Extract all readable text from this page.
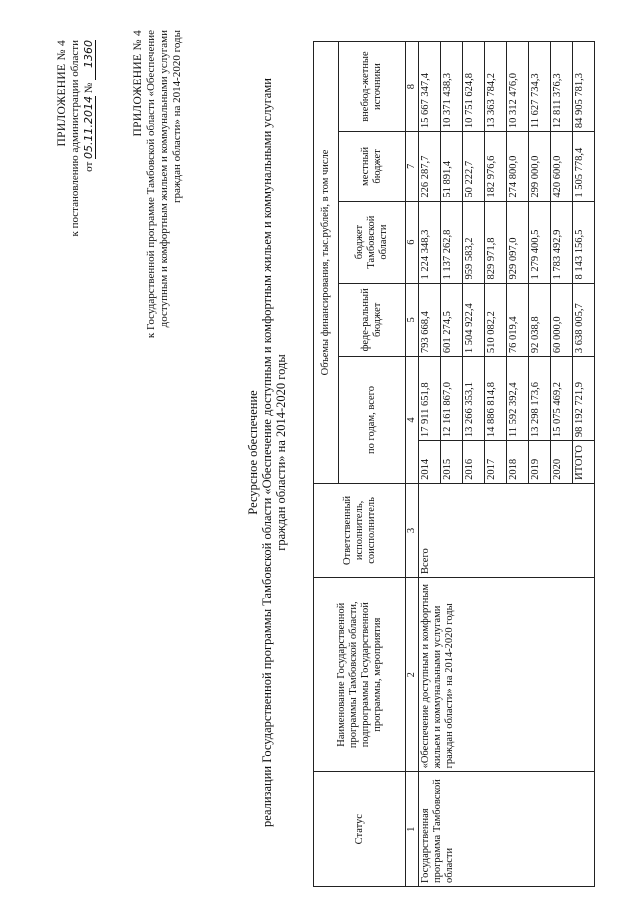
ПРИЛОЖЕНИЕ № 4 к постановлению администрации области от 05.11.2014 № 1360	ПРИЛОЖЕНИЕ № 4 к Государственной программе Тамбовской области «Обеспечение доступным и комфортным жильем и коммунальными услугами граждан области» на 2014-2020 годы
Ресурсное обеспечение реализации Государственной программы Тамбовской области «Обеспечение доступным и комфортным жильем и коммунальными услугами граждан области» на 2014-2020 годы
Статус	Наименование Государственной программы Тамбовской области, подпрограммы Государственной программы, мероприятия	Ответственный исполнитель, соисполнитель	Объемы финансирования, тыс.рублей, в том числе					
			по годам, всего		феде-ральный бюджет	бюджет Тамбовской области	местный бюджет	внебюд-жетные источники
1	2	3	4		5	6	7	8
Государственная программа Тамбовской области	«Обеспечение доступным и комфортным жильем и коммунальными услугами граждан области» на 2014-2020 годы	Всего	2014	17 911 651,8	793 668,4	1 224 348,3	226 287,7	15 667 347,4
			2015	12 161 867,0	601 274,5	1 137 262,8	51 891,4	10 371 438,3
			2016	13 266 353,1	1 504 922,4	959 583,2	50 222,7	10 751 624,8
			2017	14 886 814,8	510 082,2	829 971,8	182 976,6	13 363 784,2
			2018	11 592 392,4	76 019,4	929 097,0	274 800,0	10 312 476,0
			2019	13 298 173,6	92 038,8	1 279 400,5	299 000,0	11 627 734,3
			2020	15 075 469,2	60 000,0	1 783 492,9	420 600,0	12 811 376,3
			ИТОГО	98 192 721,9	3 638 005,7	8 143 156,5	1 505 778,4	84 905 781,3
